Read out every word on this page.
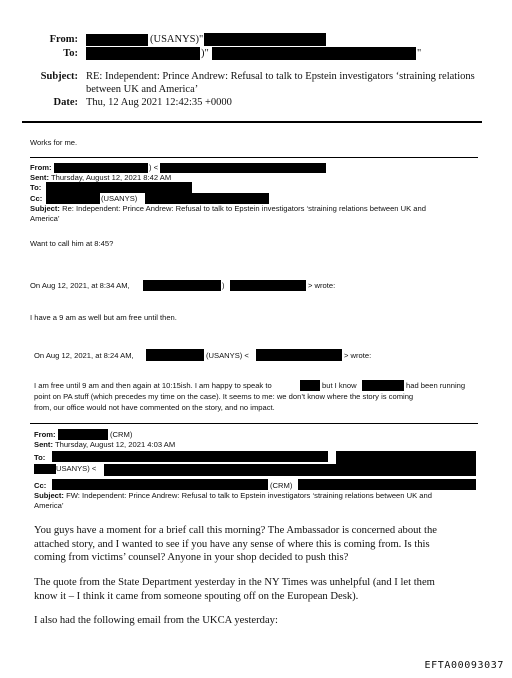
From:	(USANYS)"
To:	)"	"
Subject: RE: Independent: Prince Andrew: Refusal to talk to Epstein investigators ‘straining relations
between UK and America’
Date: Thu, 12 Aug 2021 12:42:35 +0000
Works for me.
From:	) <
Sent: Thursday, August 12, 2021 8:42 AM
To:
Cc:	(USANYS)
Subject: Re: Independent: Prince Andrew: Refusal to talk to Epstein investigators ‘straining relations between UK and
America’
Want to call him at 8:45?
On Aug 12, 2021, at 8:34 AM,	)	> wrote:
I have a 9 am as well but am free until then.
On Aug 12, 2021, at 8:24 AM,	(USANYS) <	> wrote:
I am free until 9 am and then again at 10:15ish. I am happy to speak to	but I know	had been running
point on PA stuff (which precedes my time on the case). It seems to me: we don’t know where the story is coming
from, our office would not have commented on the story, and no impact.
From:	(CRM)
Sent: Thursday, August 12, 2021 4:03 AM
To:
USANYS) <
Cc:	(CRM)
Subject: FW: Independent: Prince Andrew: Refusal to talk to Epstein investigators ‘straining relations between UK and
America’
You guys have a moment for a brief call this morning? The Ambassador is concerned about the
attached story, and I wanted to see if you have any sense of where this is coming from. Is this
coming from victims’ counsel? Anyone in your shop decided to push this?
The quote from the State Department yesterday in the NY Times was unhelpful (and I let them
know it – I think it came from someone spouting off on the European Desk).
I also had the following email from the UKCA yesterday:
EFTA00093037
